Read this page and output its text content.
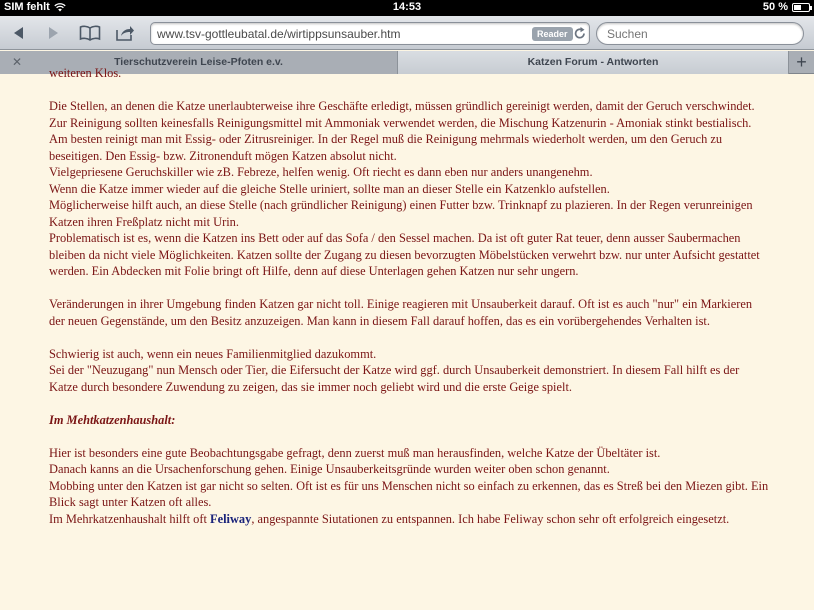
SIM fehlt	14:53	50 %
www.tsv-gottleubatal.de/wirtippsunsauber.htm	Reader
Suchen
✕	Tierschutzverein Leise-Pfoten e.v.	Katzen Forum - Antworten	+

weiteren Klos.

Die Stellen, an denen die Katze unerlaubterweise ihre Geschäfte erledigt, müssen gründlich gereinigt werden, damit der Geruch verschwindet. Zur Reinigung sollten keinesfalls Reinigungsmittel mit Ammoniak verwendet werden, die Mischung Katzenurin - Amoniak stinkt bestialisch.

Am besten reinigt man mit Essig- oder Zitrusreiniger. In der Regel muß die Reinigung mehrmals wiederholt werden, um den Geruch zu beseitigen. Den Essig- bzw. Zitronenduft mögen Katzen absolut nicht.

Vielgepriesene Geruchskiller wie zB. Febreze, helfen wenig. Oft riecht es dann eben nur anders unangenehm.

Wenn die Katze immer wieder auf die gleiche Stelle uriniert, sollte man an dieser Stelle ein Katzenklo aufstellen.

Möglicherweise hilft auch, an diese Stelle (nach gründlicher Reinigung) einen Futter bzw. Trinknapf zu plazieren. In der Regen verunreinigen Katzen ihren Freßplatz nicht mit Urin.

Problematisch ist es, wenn die Katzen ins Bett oder auf das Sofa / den Sessel machen. Da ist oft guter Rat teuer, denn ausser Saubermachen bleiben da nicht viele Möglichkeiten. Katzen sollte der Zugang zu diesen bevorzugten Möbelstücken verwehrt bzw. nur unter Aufsicht gestattet werden. Ein Abdecken mit Folie bringt oft Hilfe, denn auf diese Unterlagen gehen Katzen nur sehr ungern.

Veränderungen in ihrer Umgebung finden Katzen gar nicht toll. Einige reagieren mit Unsauberkeit darauf. Oft ist es auch "nur" ein Markieren der neuen Gegenstände, um den Besitz anzuzeigen. Man kann in diesem Fall darauf hoffen, das es ein vorübergehendes Verhalten ist.

Schwierig ist auch, wenn ein neues Familienmitglied dazukommt.

Sei der "Neuzugang" nun Mensch oder Tier, die Eifersucht der Katze wird ggf. durch Unsauberkeit demonstriert. In diesem Fall hilft es der Katze durch besondere Zuwendung zu zeigen, das sie immer noch geliebt wird und die erste Geige spielt.

Im Mehtkatzenhaushalt:

Hier ist besonders eine gute Beobachtungsgabe gefragt, denn zuerst muß man herausfinden, welche Katze der Übeltäter ist.

Danach kanns an die Ursachenforschung gehen. Einige Unsauberkeitsgründe wurden weiter oben schon genannt.

Mobbing unter den Katzen ist gar nicht so selten. Oft ist es für uns Menschen nicht so einfach zu erkennen, das es Streß bei den Miezen gibt. Ein Blick sagt unter Katzen oft alles.

Im Mehrkatzenhaushalt hilft oft Feliway, angespannte Siutationen zu entspannen. Ich habe Feliway schon sehr oft erfolgreich eingesetzt.
